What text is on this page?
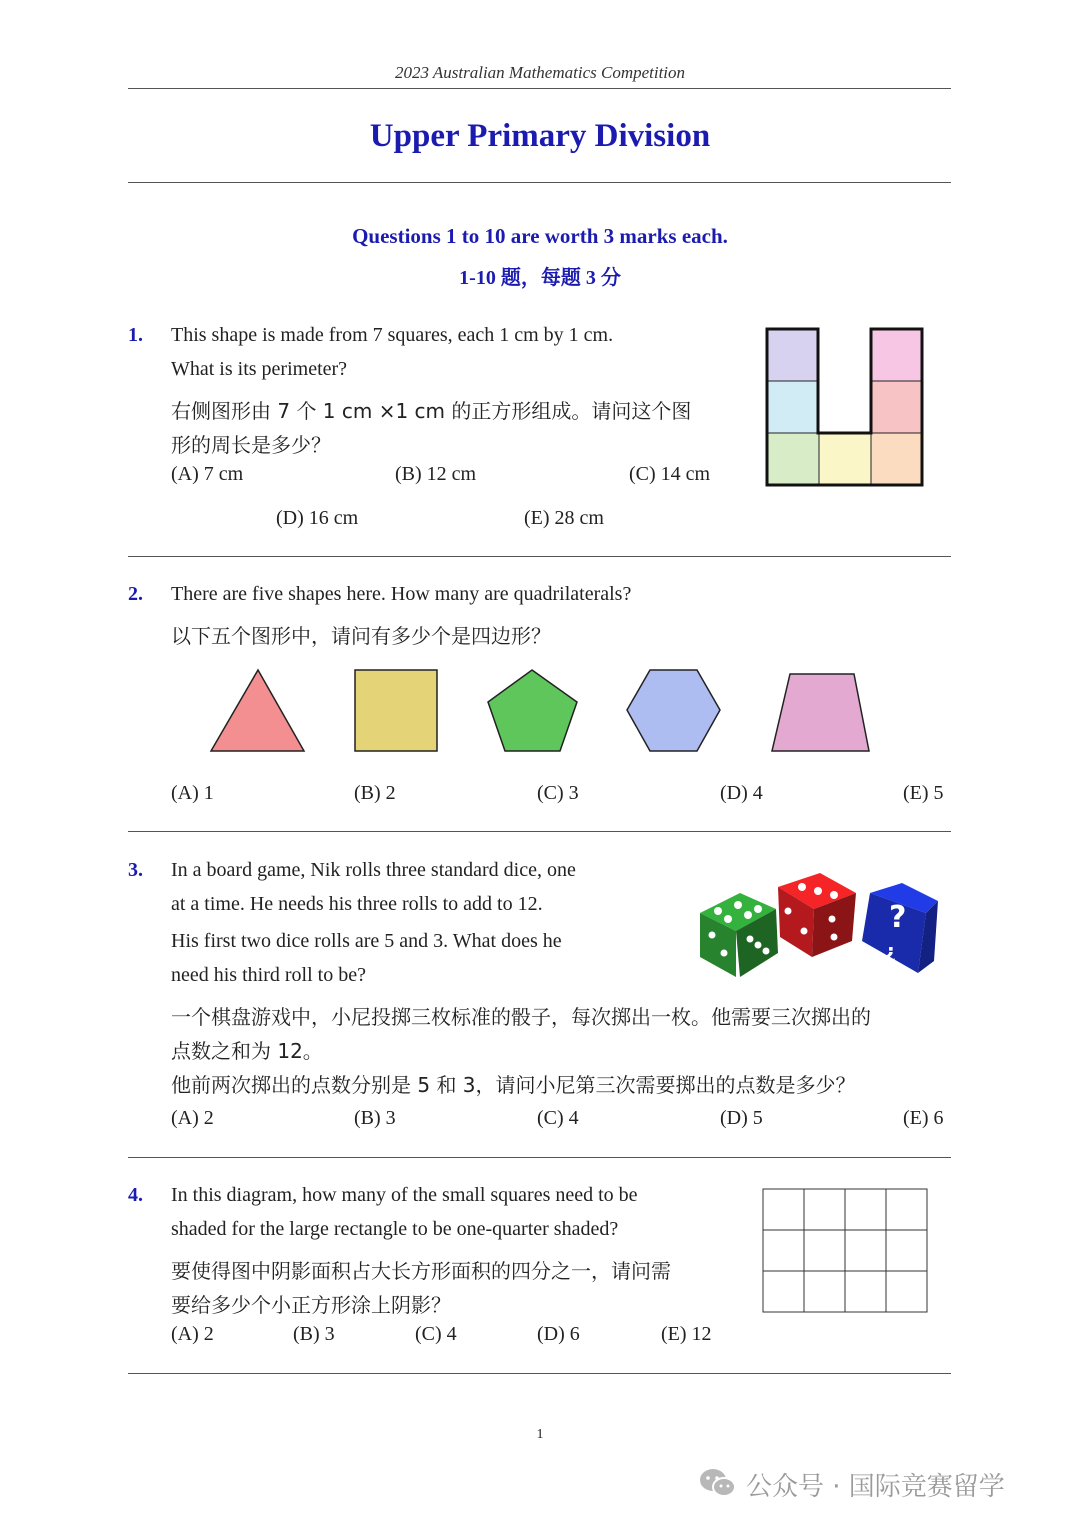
2023 Australian Mathematics Competition
Upper Primary Division
Questions 1 to 10 are worth 3 marks each.
1-10 题，每题 3 分
1. This shape is made from 7 squares, each 1 cm by 1 cm.
What is its perimeter?
右侧图形由 7 个 1 cm ×1 cm 的正方形组成。请问这个图
形的周长是多少？
(A) 7 cm	(B) 12 cm	(C) 14 cm
(D) 16 cm	(E) 28 cm
2. There are five shapes here. How many are quadrilaterals?
以下五个图形中，请问有多少个是四边形？
(A) 1	(B) 2	(C) 3	(D) 4	(E) 5
3. In a board game, Nik rolls three standard dice, one
at a time. He needs his three rolls to add to 12.
His first two dice rolls are 5 and 3. What does he
need his third roll to be?
一个棋盘游戏中，小尼投掷三枚标准的骰子，每次掷出一枚。他需要三次掷出的
点数之和为 12。
他前两次掷出的点数分别是 5 和 3，请问小尼第三次需要掷出的点数是多少？
?
?
(A) 2	(B) 3	(C) 4	(D) 5	(E) 6
4. In this diagram, how many of the small squares need to be
shaded for the large rectangle to be one-quarter shaded?
要使得图中阴影面积占大长方形面积的四分之一，请问需
要给多少个小正方形涂上阴影？
(A) 2	(B) 3	(C) 4	(D) 6	(E) 12
1
公众号 · 国际竞赛留学
